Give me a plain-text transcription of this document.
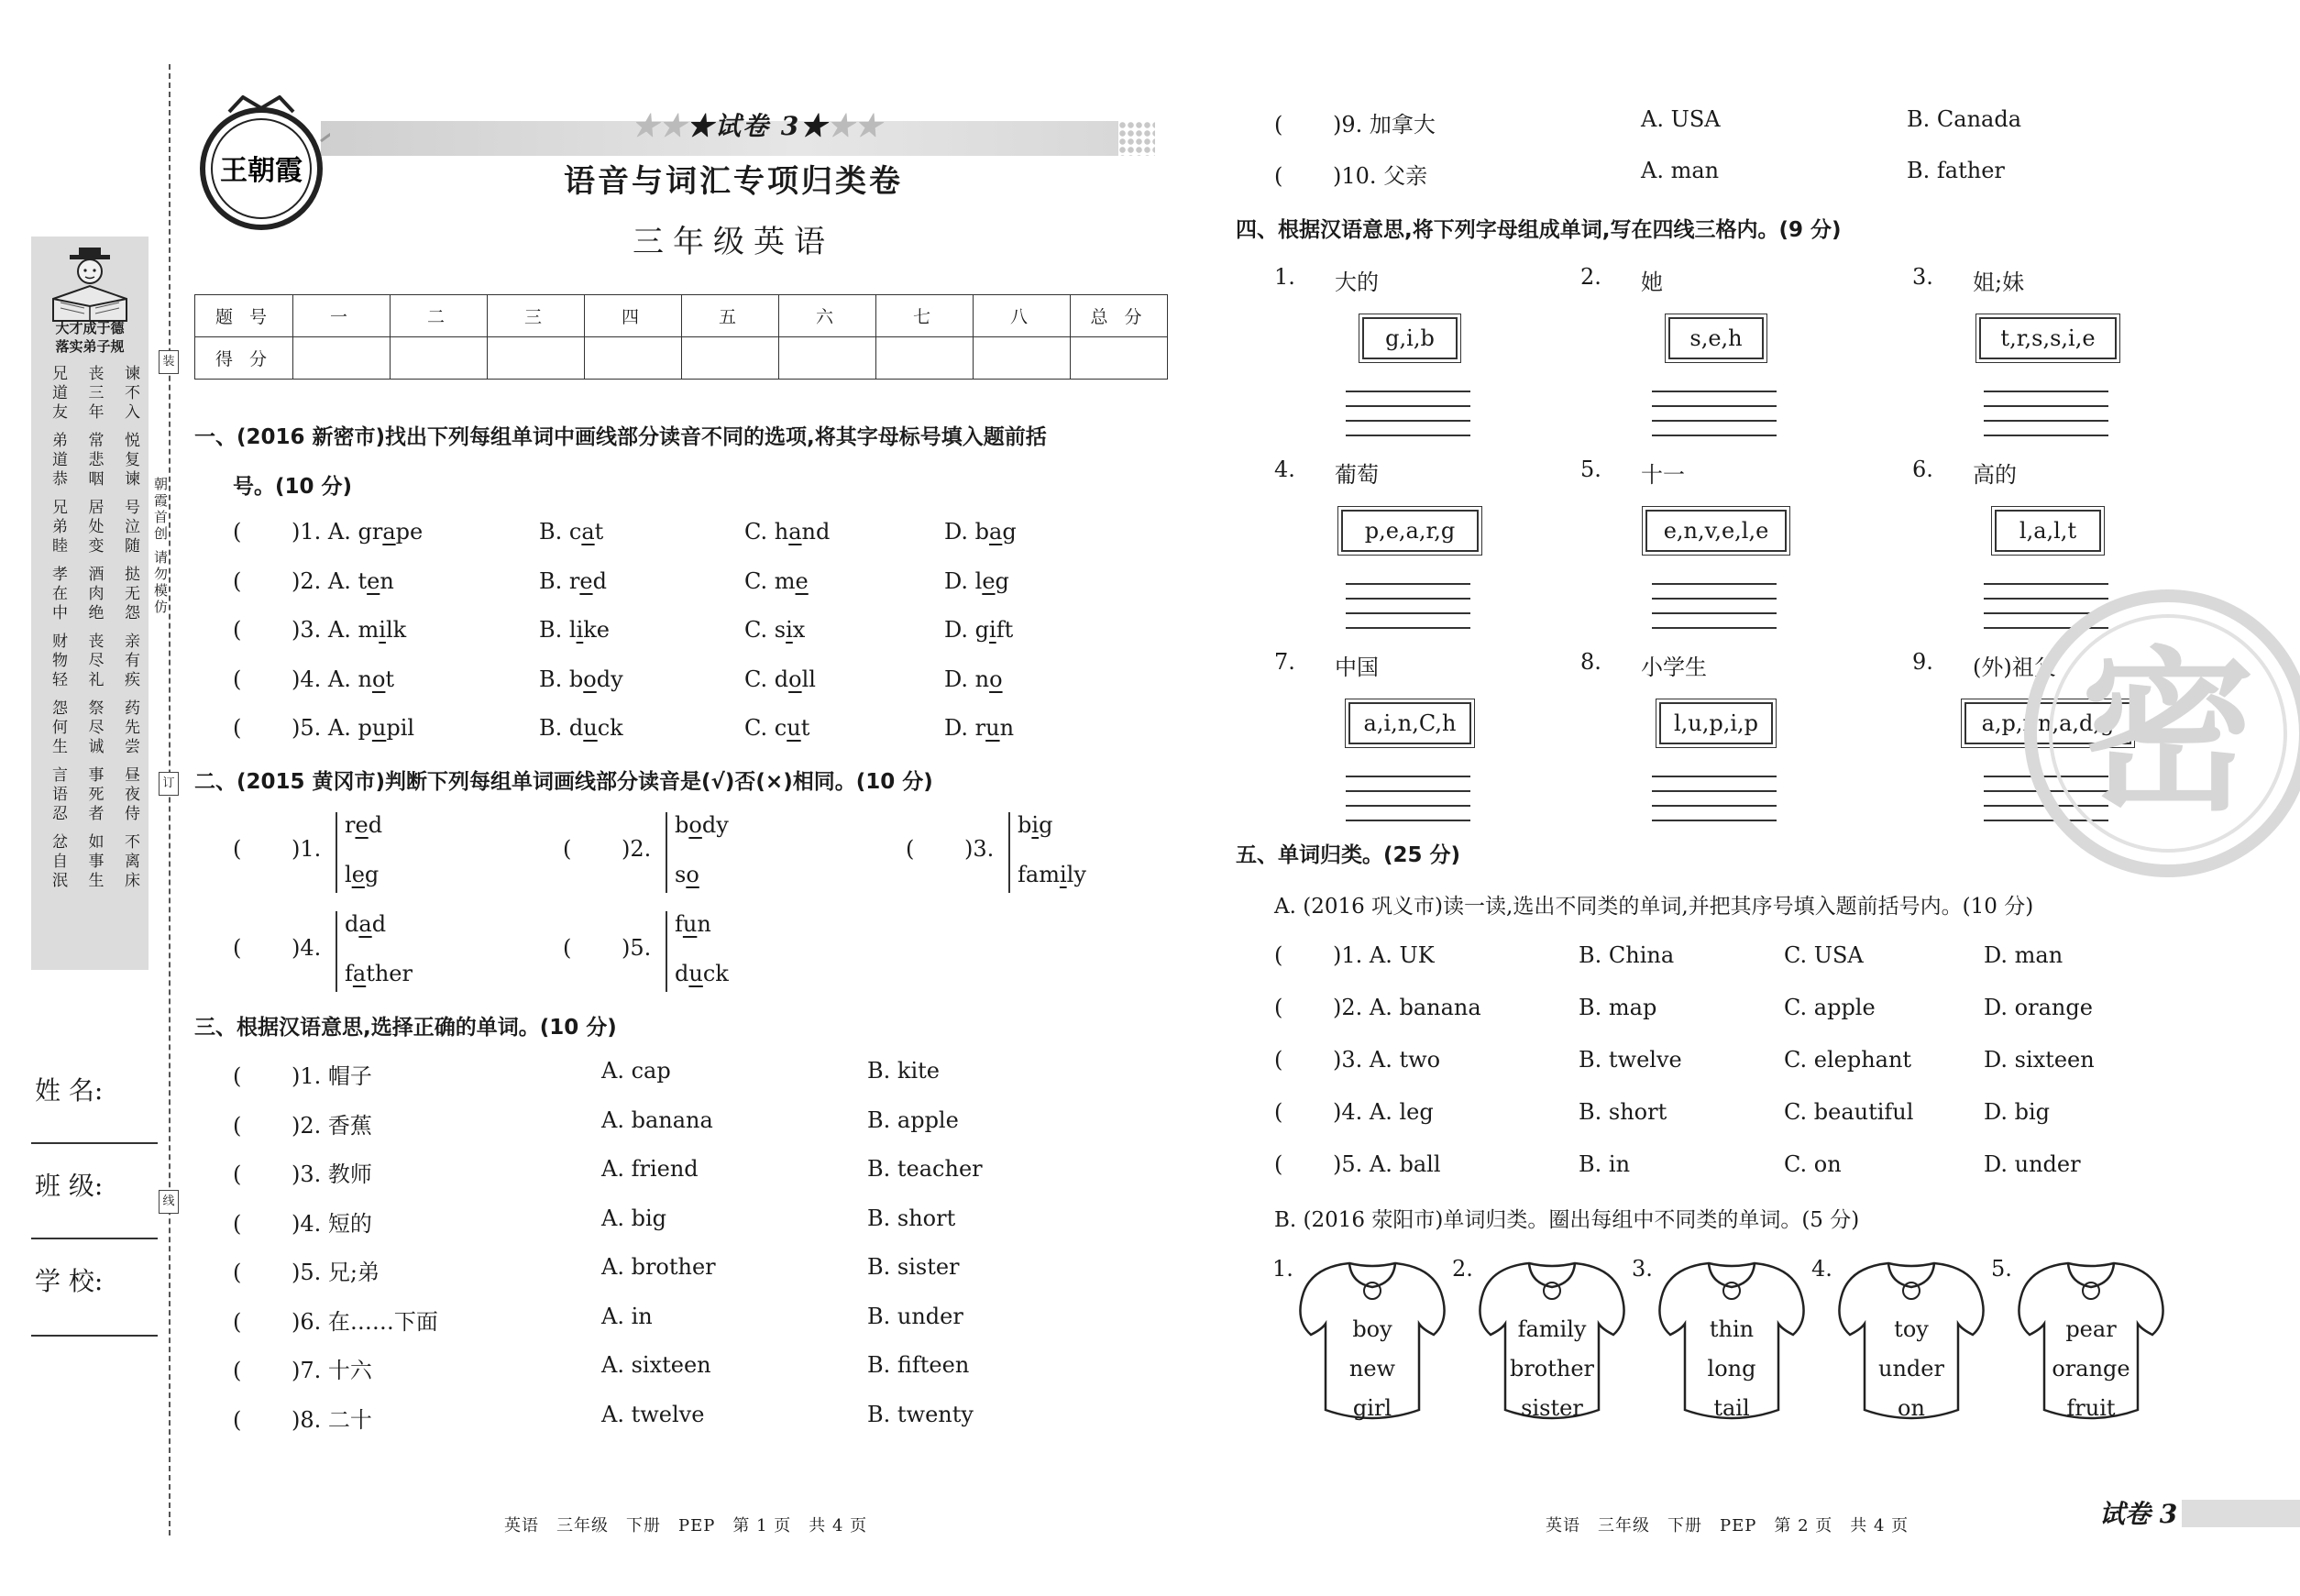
大才成于德
落实弟子规
兄道友 丧三年 谏不入
弟道恭 常悲咽 悦复谏
兄弟睦 居处变 号泣随
孝在中 酒肉绝 挞无怨
财物轻 丧尽礼 亲有疾
怨何生 祭尽诚 药先尝
言语忍 事死者 昼夜侍
忿自泯 如事生 不离床
装
订
线
朝霞首创 请勿模仿
姓 名:
班 级:
学 校:
王朝霞
★★★试卷 3★★★
语音与词汇专项归类卷
三年级英语
题 号	一	二	三	四	五	六	七	八	总 分
得 分									
一、(2016 新密市)找出下列每组单词中画线部分读音不同的选项,将其字母标号填入题前括
号。(10 分)
( )1. A. grape	B. cat	C. hand	D. bag
( )2. A. ten	B. red	C. me	D. leg
( )3. A. milk	B. like	C. six	D. gift
( )4. A. not	B. body	C. doll	D. no
( )5. A. pupil	B. duck	C. cut	D. run
二、(2015 黄冈市)判断下列每组单词画线部分读音是(√)否(×)相同。(10 分)
( )1.
red
leg
( )2.
body
so
( )3.
big
family
( )4.
dad
father
( )5.
fun
duck
三、根据汉语意思,选择正确的单词。(10 分)
( )1. 帽子	A. cap	B. kite
( )2. 香蕉	A. banana	B. apple
( )3. 教师	A. friend	B. teacher
( )4. 短的	A. big	B. short
( )5. 兄;弟	A. brother	B. sister
( )6. 在……下面	A. in	B. under
( )7. 十六	A. sixteen	B. fifteen
( )8. 二十	A. twelve	B. twenty
( )9. 加拿大	A. USA	B. Canada
( )10. 父亲	A. man	B. father
四、根据汉语意思,将下列字母组成单词,写在四线三格内。(9 分)
1. 大的
g,i,b
2. 她
s,e,h
3. 姐;妹
t,r,s,s,i,e
4. 葡萄
p,e,a,r,g
5. 十一
e,n,v,e,l,e
6. 高的
l,a,l,t
7. 中国
a,i,n,C,h
8. 小学生
l,u,p,i,p
9. (外)祖父
a,p,r,n,a,d,g
五、单词归类。(25 分)
A. (2016 巩义市)读一读,选出不同类的单词,并把其序号填入题前括号内。(10 分)
( )1. A. UK	B. China	C. USA	D. man
( )2. A. banana	B. map	C. apple	D. orange
( )3. A. two	B. twelve	C. elephant	D. sixteen
( )4. A. leg	B. short	C. beautiful	D. big
( )5. A. ball	B. in	C. on	D. under
B. (2016 荥阳市)单词归类。圈出每组中不同类的单词。(5 分)
1.
boy
new
girl
2.
family
brother
sister
3.
thin
long
tail
4.
toy
under
on
5.
pear
orange
fruit
密
英语　三年级　下册　PEP　第 1 页　共 4 页	英语　三年级　下册　PEP　第 2 页　共 4 页	试卷 3
